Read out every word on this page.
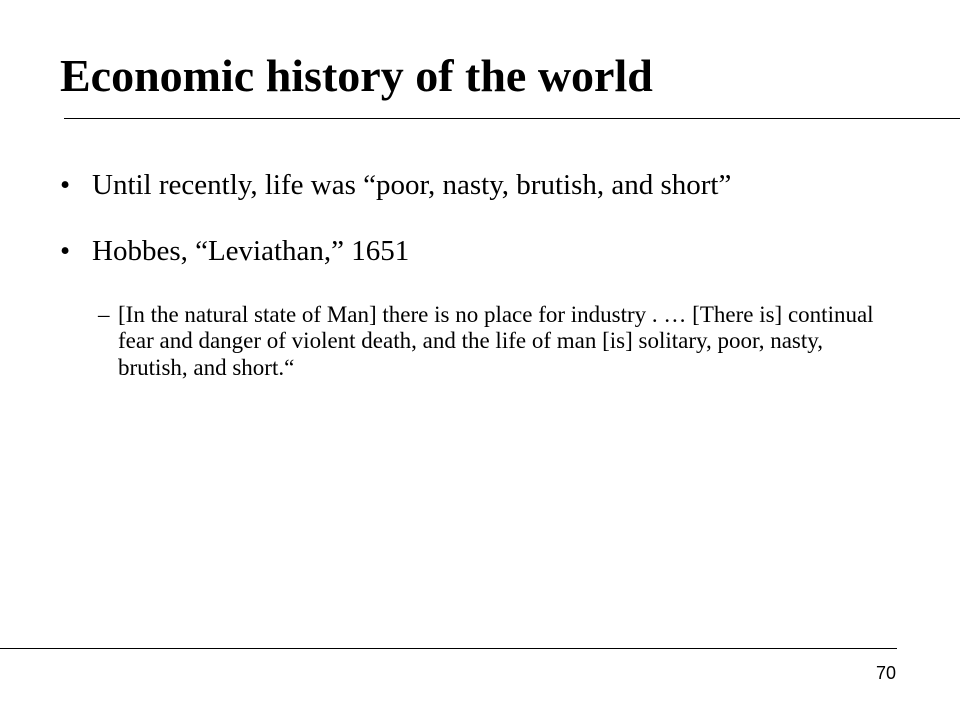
Economic history of the world
• Until recently, life was “poor, nasty, brutish, and short”
• Hobbes, “Leviathan,” 1651
– [In the natural state of Man] there is no place for industry . … [There is] continual fear and danger of violent death, and the life of man [is] solitary, poor, nasty, brutish, and short.“
70
